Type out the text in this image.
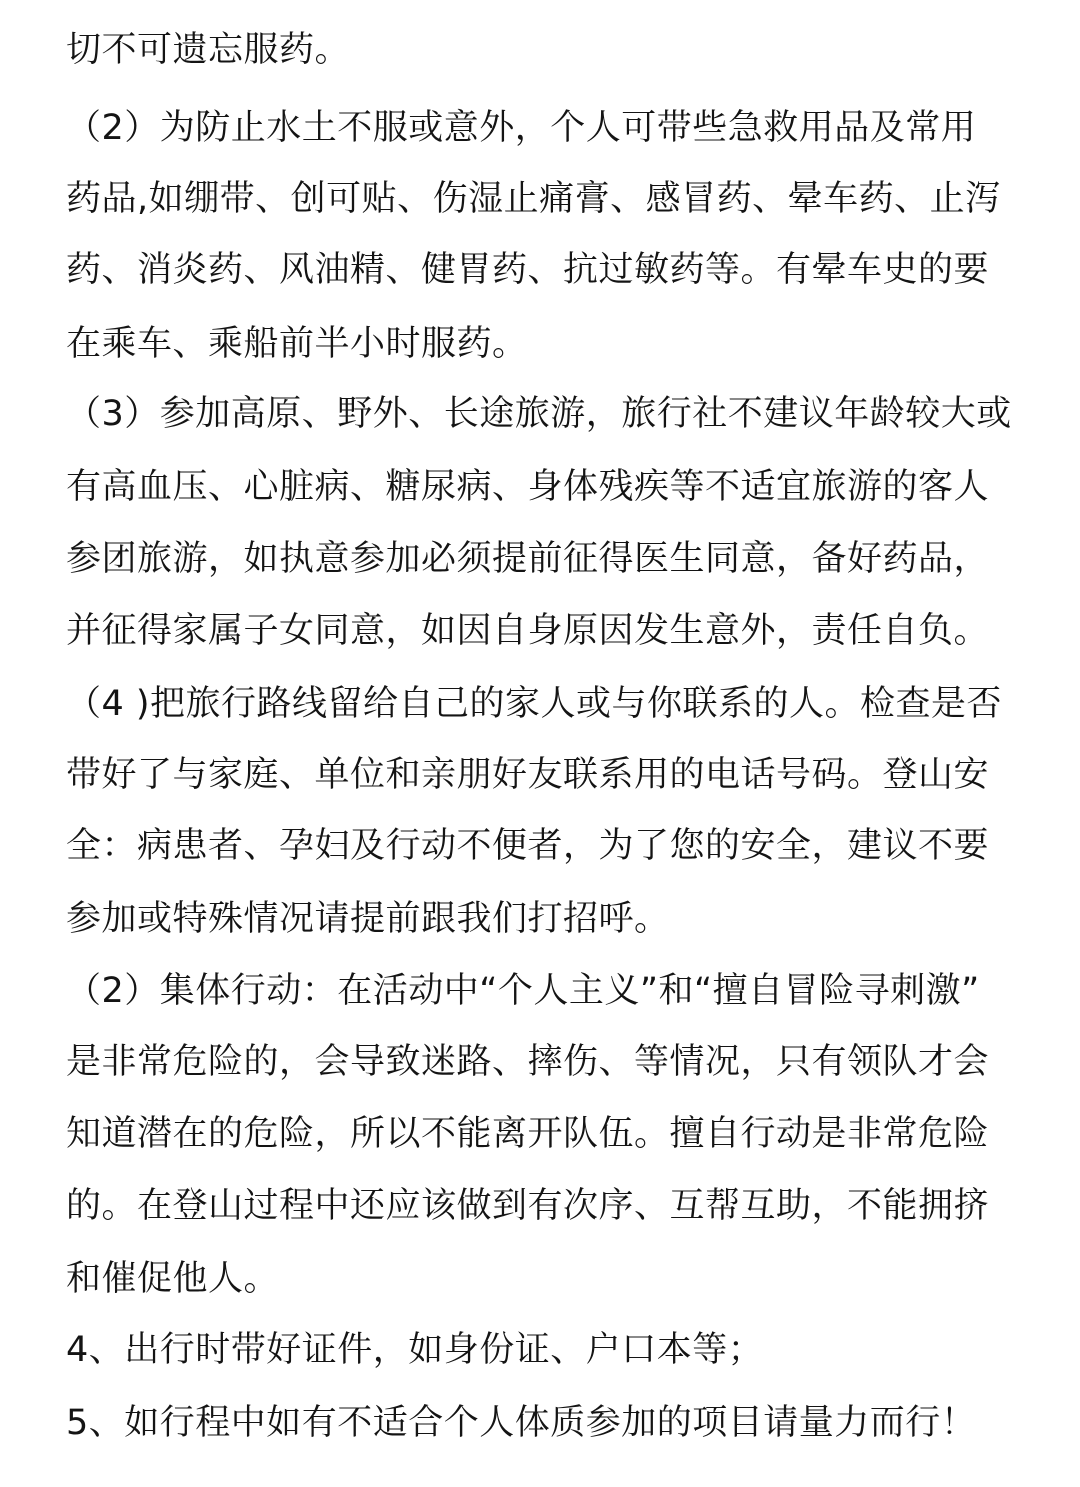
切不可遗忘服药。

（2）为防止水土不服或意外，个人可带些急救用品及常用

药品,如绷带、创可贴、伤湿止痛膏、感冒药、晕车药、止泻

药、消炎药、风油精、健胃药、抗过敏药等。有晕车史的要

在乘车、乘船前半小时服药。

（3）参加高原、野外、长途旅游，旅行社不建议年龄较大或

有高血压、心脏病、糖尿病、身体残疾等不适宜旅游的客人

参团旅游，如执意参加必须提前征得医生同意，备好药品，

并征得家属子女同意，如因自身原因发生意外，责任自负。

（4 )把旅行路线留给自己的家人或与你联系的人。检查是否

带好了与家庭、单位和亲朋好友联系用的电话号码。登山安

全：病患者、孕妇及行动不便者，为了您的安全，建议不要

参加或特殊情况请提前跟我们打招呼。

（2）集体行动：在活动中“个人主义”和“擅自冒险寻刺激”

是非常危险的，会导致迷路、摔伤、等情况，只有领队才会

知道潜在的危险，所以不能离开队伍。擅自行动是非常危险

的。在登山过程中还应该做到有次序、互帮互助，不能拥挤

和催促他人。

4、出行时带好证件，如身份证、户口本等；

5、如行程中如有不适合个人体质参加的项目请量力而行！
